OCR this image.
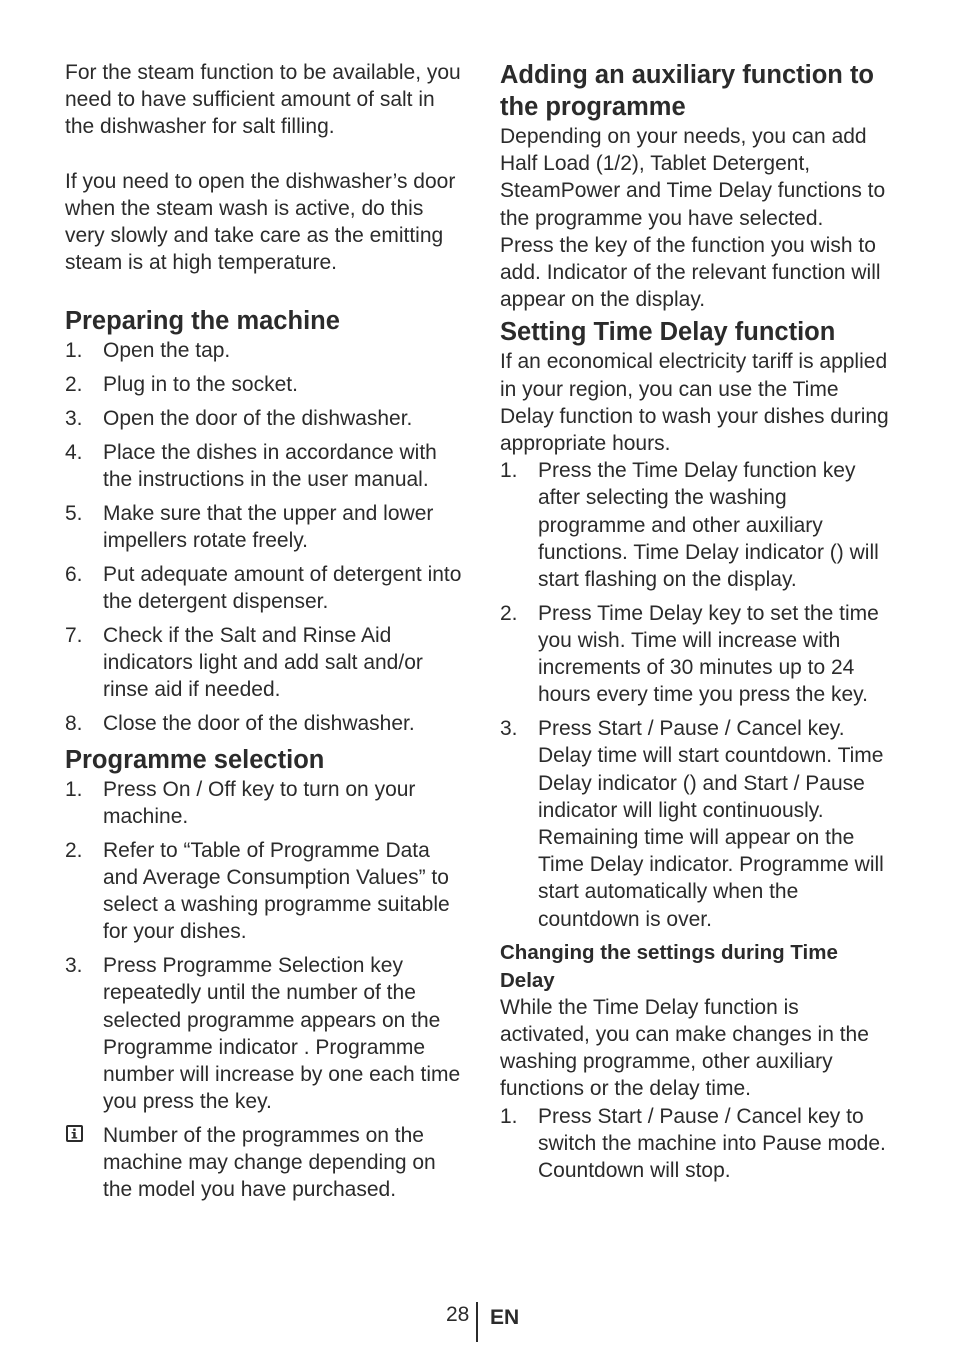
For the steam function to be available, you need to have sufficient amount of salt in the dishwasher for salt filling.

If you need to open the dishwasher’s door when the steam wash is active, do this very slowly and take care as the emitting steam is at high temperature.

Preparing the machine
1. Open the tap.
2. Plug in to the socket.
3. Open the door of the dishwasher.
4. Place the dishes in accordance with the instructions in the user manual.
5. Make sure that the upper and lower impellers rotate freely.
6. Put adequate amount of detergent into the detergent dispenser.
7. Check if the Salt and Rinse Aid indicators light and add salt and/or rinse aid if needed.
8. Close the door of the dishwasher.
Programme selection
1. Press On / Off key to turn on your machine.
2. Refer to “Table of Programme Data and Average Consumption Values” to select a washing programme suitable for your dishes.
3. Press Programme Selection key repeatedly until the number of the selected programme appears on the Programme indicator . Programme number will increase by one each time you press the key.
Number of the programmes on the machine may change depending on the model you have purchased.
Adding an auxiliary function to the programme

Depending on your needs, you can add Half Load (1/2), Tablet Detergent, SteamPower and Time Delay functions to the programme you have selected.

Press the key of the function you wish to add. Indicator of the relevant function will appear on the display.

Setting Time Delay function

If an economical electricity tariff is applied in your region, you can use the Time Delay function to wash your dishes during appropriate hours.

1. Press the Time Delay function key after selecting the washing programme and other auxiliary functions. Time Delay indicator () will start flashing on the display.
2. Press Time Delay key to set the time you wish. Time will increase with increments of 30 minutes up to 24 hours every time you press the key.
3. Press Start / Pause / Cancel key. Delay time will start countdown. Time Delay indicator () and Start / Pause indicator will light continuously. Remaining time will appear on the Time Delay indicator. Programme will start automatically when the countdown is over.
Changing the settings during Time Delay

While the Time Delay function is activated, you can make changes in the washing programme, other auxiliary functions or the delay time.

1. Press Start / Pause / Cancel key to switch the machine into Pause mode. Countdown will stop.
28 EN
